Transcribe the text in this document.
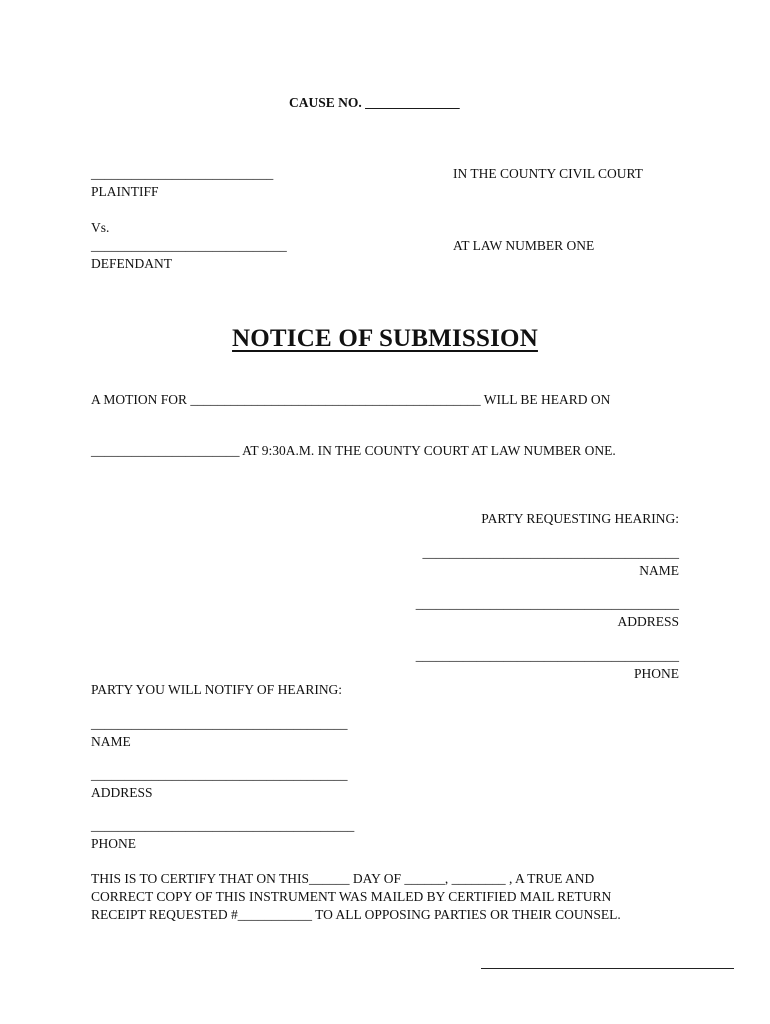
CAUSE NO. ______________
___________________________
PLAINTIFF
Vs.
_____________________________
DEFENDANT
IN THE COUNTY CIVIL COURT
AT LAW NUMBER ONE
NOTICE OF SUBMISSION
A MOTION FOR ___________________________________________ WILL BE HEARD ON
______________________ AT 9:30A.M. IN THE COUNTY COURT AT LAW NUMBER ONE.
PARTY REQUESTING HEARING:
______________________________________
NAME
_______________________________________
ADDRESS
_______________________________________
PHONE
PARTY YOU WILL NOTIFY OF HEARING:
______________________________________
NAME
______________________________________
ADDRESS
_______________________________________
PHONE
THIS IS TO CERTIFY THAT ON THIS______ DAY OF ______, ________ , A TRUE AND
CORRECT COPY OF THIS INSTRUMENT WAS MAILED BY CERTIFIED MAIL RETURN
RECEIPT REQUESTED #___________ TO ALL OPPOSING PARTIES OR THEIR COUNSEL.
